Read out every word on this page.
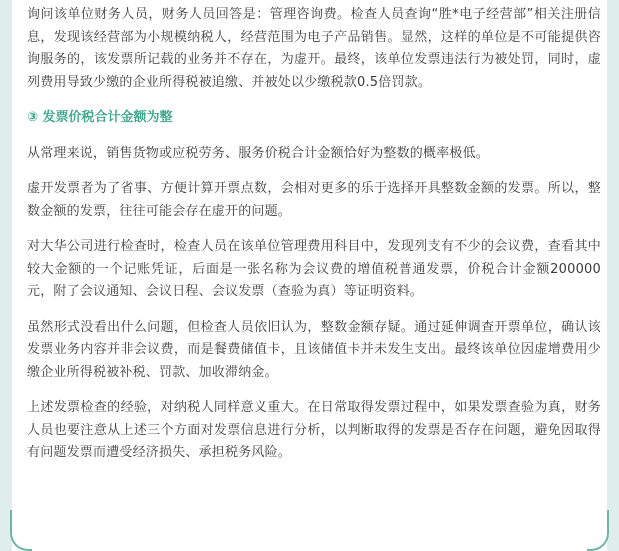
询问该单位财务人员，财务人员回答是：管理咨询费。检查人员查询“胜*电子经营部”相关注册信息，发现该经营部为小规模纳税人，经营范围为电子产品销售。显然，这样的单位是不可能提供咨询服务的，该发票所记载的业务并不存在，为虚开。最终，该单位发票违法行为被处罚，同时，虚列费用导致少缴的企业所得税被追缴、并被处以少缴税款0.5倍罚款。

③ 发票价税合计金额为整

从常理来说，销售货物或应税劳务、服务价税合计金额恰好为整数的概率极低。

虚开发票者为了省事、方便计算开票点数，会相对更多的乐于选择开具整数金额的发票。所以，整数金额的发票，往往可能会存在虚开的问题。

对大华公司进行检查时，检查人员在该单位管理费用科目中，发现列支有不少的会议费，查看其中较大金额的一个记账凭证，后面是一张名称为会议费的增值税普通发票，价税合计金额200000元，附了会议通知、会议日程、会议发票（查验为真）等证明资料。

虽然形式没看出什么问题，但检查人员依旧认为，整数金额存疑。通过延伸调查开票单位，确认该发票业务内容并非会议费，而是餐费储值卡，且该储值卡并未发生支出。最终该单位因虚增费用少缴企业所得税被补税、罚款、加收滞纳金。

上述发票检查的经验，对纳税人同样意义重大。在日常取得发票过程中，如果发票查验为真，财务人员也要注意从上述三个方面对发票信息进行分析，以判断取得的发票是否存在问题，避免因取得有问题发票而遭受经济损失、承担税务风险。
